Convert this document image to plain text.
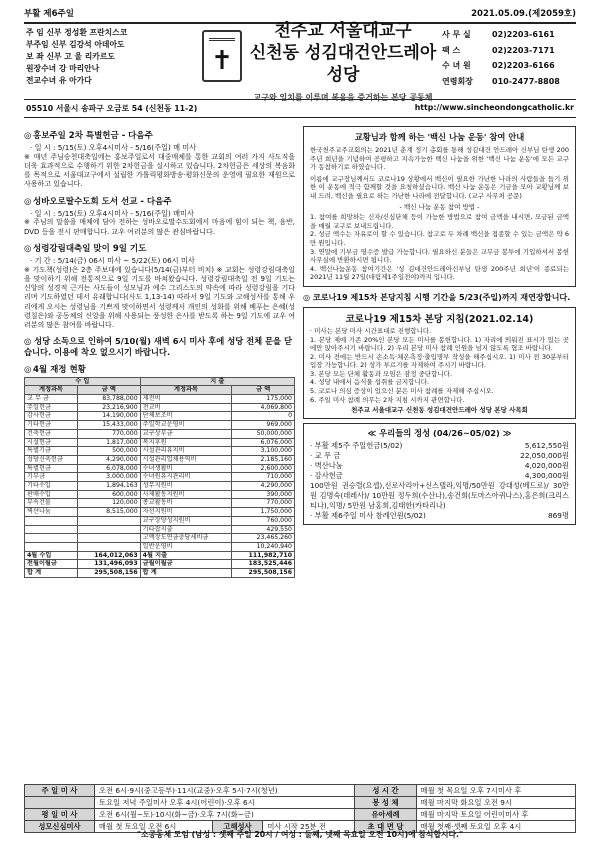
부활 제6주일	2021.05.09.(제2059호)
주 임 신부 정성환 프란치스코
부주임 신부 김강석 아데아도
보 좌 신부 고 울 리카르도
원장수녀 강 마리안나
전교수녀 유 아가다
✝
천주교 서울대교구
신천동 성김대건안드레아 성당
교구와 일치를 이루며 복음을 증거하는 본당 공동체
사 무 실	02)2203-6161
팩 스	02)2203-7171
수 녀 원	02)2203-6166
연령회장	010-2477-8808
05510 서울시 송파구 오금로 54 (신천동 11-2)	http://www.sincheondongcatholic.kr
◎ 홍보주일 2차 특별헌금 - 다음주
· 일 시 : 5/15(토) 오후4시미사 - 5/16(주일) 매 미사
※ 매년 주님승천대축일에는 홍보주일로서 대중매체를 통한 교회의 여러 가지 사도직을 더욱 효과적으로 수행하기 위한 2차헌금을 실시하고 있습니다. 2차헌금은 세상의 복음화를 목적으로 서울대교구에서 설립한 가톨릭평화방송·평화신문의 운영에 필요한 재원으로 사용하고 있습니다.
◎ 성바오로딸수도회 도서 선교 - 다음주
· 일 시 : 5/15(토) 오후4시미사 - 5/16(주일) 매미사
※ 주님의 말씀을 매체에 담아 전하는 성바오로딸수도회에서 마음에 힘이 되는 책, 음반, DVD 등을 전시 판매합니다. 교우 여러분의 많은 관심바랍니다.
◎ 성령강림대축일 맞이 9일 기도
· 기 간 : 5/14(금) 06시 미사 ~ 5/22(토) 06시 미사
※ 기도책(성령)은 2층 주보대에 있습니다(5/14(금)부터 비치) ※ 교회는 성령강림대축일을 맞이하기 위해 전통적으로 9일 기도를 바쳐왔습니다. 성령강림대축일 전 9일 기도는 신앙의 성경적 근거는 사도들이 성모님과 예수 그리스도의 약속에 따라 성령강림을 기다리며 기도하였던 데서 유래합니다(사도 1,13-14) 따라서 9일 기도와 고해성사를 통해 우리에게 오시는 성령님을 기쁘게 맞이하면서 성령께서 개인의 성화를 위해 베푸는 은혜(성령칠은)와 공동체의 신앙을 위해 사용되는 풍성한 은사를 받도록 하는 9일 기도에 교우 여러분의 많은 참여를 바랍니다.
◎ 성당 소독으로 인하여 5/10(월) 새벽 6시 미사 후에 성당 전체 문을 닫습니다. 이용에 착오 없으시기 바랍니다.
◎ 4월 재정 현황
수 입		지 출	
계정과목	금 액	계정과목	금 액
교 무 금	83,788,000	제전비	175,000
주일헌금	23,216,900	전교비	4,069,800
감사헌금	14,190,000	단체보조비	0
기타헌금	15,433,000	주일학교운영비	969,000
건축헌금	770,000	교구상부금	50,000,000
시설헌금	1,817,000	복지후원	6,076,000
특별기금	500,000	시설관리유지비	3,100,000
성당신축헌금	4,290,000	시설관리업체용역비	2,185,160
특별헌금	6,078,000	수녀생활비	2,600,000
기부금	3,000,000	수녀원유지관리비	710,000
기타수입	1,894,163	성무지원비	4,290,000
판매수입	600,000	사제활동지원비	390,000
부속건물	120,000	종교활동비	770,000
벽산나눔	8,515,000	자선지원비	1,750,000
		교구장양성지원비	760,000
		기타잡지출	429,550
		고액장도연금충당세비금	23,465,260
		일반운영비	10,240,940
4월 수입	164,012,063	4월 지출	111,982,710
전월이월금	131,496,093	금월이월금	183,525,446
합 계	295,508,156	합 계	295,508,156
교황님과 함께 하는 '백신 나눔 운동' 참여 안내
한국천주교주교회의는 2021년 춘계 정기 총회를 통해 성김대건 안드레아 신부님 탄생 200주년 희년을 기념하여 공평하고 지속가능한 백신 나눔을 위한 '백신 나눔 운동'에 모든 교구가 동참하기로 하였습니다.
이름에 교구장님께서도 코로나19 상황에서 백신이 필요한 가난한 나라의 사람들을 돕기 위한 이 운동에 적극 함께할 것을 요청하셨습니다. 백신 나눔 운동은 기금을 모아 교황님께 보내 드려, 백신을 필요로 하는 가난한 나라에 전달합니다. (교구 사무처 공문)
- 백신 나눔 운동 참여 방법 -
1. 참여를 희망하는 신자/신심단체 등이 가능한 방법으로 참여 금액을 내시면, 모금된 금액을 매월 교구로 보내드립니다.
2. 성금 액수는 자유로이 할 수 있습니다. 참고로 두 차례 백신을 접종할 수 있는 금액은 약 6만 원입니다.
3. 연말에 기부금 영수증 발급 가능합니다. 필요하신 분들은 교무금 봉투에 기입하셔서 봉헌 사무실에 반환하시면 됩니다.
4. 백신나눔운동 참여기간은 '성 김대건안드레아신부님 탄생 200주년 희년'이 종료되는 2021년 11월 27일(대림제1주일전야)까지 입니다.
◎ 코로나19 제15차 본당지침 시행 기간을 5/23(주일)까지 재연장합니다.
코로나19 제15차 본당 지침(2021.02.14)
· 미사는 본당 미사 시간표대로 진행합니다.
1. 본당 제에 기존 20%인 본당 모든 미사를 봉헌합니다. 1) 자리에 띄워진 표시가 있는 곳에만 앉아주시기 바랍니다. 2) 우리 본당 미사 참례 인원을 넘지 않도록 협조 바랍니다.
2. 미사 전에는 반드시 손소독·체온측정·출입명부 작성을 해주십시오. 1) 미사 전 30분부터 입장 가능합니다. 2) 성가 부르기를 자제하여 주시기 바랍니다.
3. 본당 모든 단체 활동과 모임은 잠정 중단합니다.
4. 성당 내에서 음식물 섭취를 금지합니다.
5. 코로나 의심 증상이 있으신 분은 미사 참례를 자제해 주십시오.
6. 주일 미사 참례 의무는 2차 지침 시까지 관면합니다.
천주교 서울대교구 신천동 성김대건안드레아 성당 본당 사목회
≪ 우리들의 정성 (04/26~05/02) ≫
· 부활 제5주 주일헌금(5/02)	5,612,550원
· 교 무 금	22,050,000원
· 벽산나눔	4,020,000원
· 감사헌금	4,300,000원
100만원 권승렬(요셉),신로사리아+신스텔라,익명/50만원 강대성(베드로)/ 30만원 김명숙(데레사)/ 10만원 정두희(수산나),송건희(토마스아퀴나스),홍은희(크리스티나),익명/ 5만원 남홍희,김태한(카타리나)
· 부활 제6주일 미사 참례인원(5/02)	869명
주 일 미 사	오전 6시·9시(중고등부)·11시(교중)·오후 5시·7시(청년)			성 시 간	매월 첫 목요일 오후 7시미사 후
	토요일 저녁 주일미사 오후 4시(어린이)·오후 6시			봉 성 체	매월 마지막 화요일 오전 9시
평 일 미 사	오전 6시(월~토)·10시(화~금)·오후 7시(화~금)			유아세례	매월 마지막 토요일 어린이미사 후
성모신심미사	매월 첫 토요일 오전 6시	고해성사	미사 시작 25분 전	초 대 면 담	매월 첫째·셋째 토요일 오후 4시
"소공동체 모임 (남성 : 셋째 주일 20시 / 여성 : 둘째, 넷째 목요일 오전 10시)에 참석합시다."
